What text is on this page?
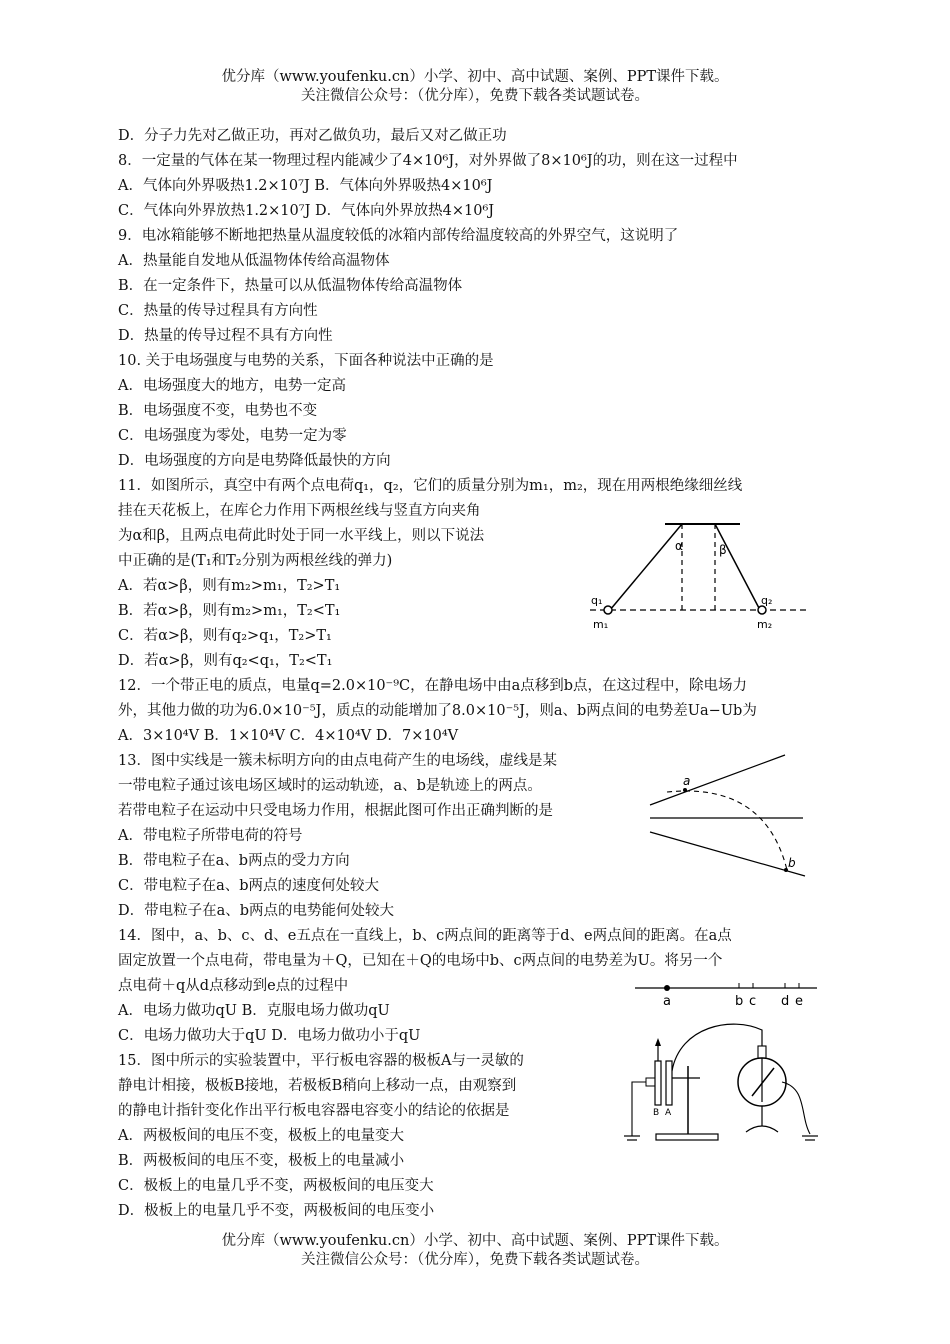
优分库（www.youfenku.cn）小学、初中、高中试题、案例、PPT课件下载。
关注微信公众号：（优分库），免费下载各类试题试卷。
D．分子力先对乙做正功，再对乙做负功，最后又对乙做正功
8．一定量的气体在某一物理过程内能减少了4×10⁶J，对外界做了8×10⁶J的功，则在这一过程中
A．气体向外界吸热1.2×10⁷J B．气体向外界吸热4×10⁶J
C．气体向外界放热1.2×10⁷J D．气体向外界放热4×10⁶J
9．电冰箱能够不断地把热量从温度较低的冰箱内部传给温度较高的外界空气，这说明了
A．热量能自发地从低温物体传给高温物体
B．在一定条件下，热量可以从低温物体传给高温物体
C．热量的传导过程具有方向性
D．热量的传导过程不具有方向性
10. 关于电场强度与电势的关系，下面各种说法中正确的是
A．电场强度大的地方，电势一定高
B．电场强度不变，电势也不变
C．电场强度为零处，电势一定为零
D．电场强度的方向是电势降低最快的方向
11．如图所示，真空中有两个点电荷q₁，q₂，它们的质量分别为m₁，m₂，现在用两根绝缘细丝线
挂在天花板上，在库仑力作用下两根丝线与竖直方向夹角
为α和β，且两点电荷此时处于同一水平线上，则以下说法
中正确的是(T₁和T₂分别为两根丝线的弹力)
A．若α>β，则有m₂>m₁，T₂>T₁
B．若α>β，则有m₂>m₁，T₂<T₁
C．若α>β，则有q₂>q₁，T₂>T₁
D．若α>β，则有q₂<q₁，T₂<T₁
12．一个带正电的质点，电量q=2.0×10⁻⁹C，在静电场中由a点移到b点，在这过程中，除电场力
外，其他力做的功为6.0×10⁻⁵J，质点的动能增加了8.0×10⁻⁵J，则a、b两点间的电势差Ua−Ub为
A．3×10⁴V B．1×10⁴V C．4×10⁴V D．7×10⁴V
13．图中实线是一簇未标明方向的由点电荷产生的电场线，虚线是某
一带电粒子通过该电场区域时的运动轨迹，a、b是轨迹上的两点。
若带电粒子在运动中只受电场力作用，根据此图可作出正确判断的是
A．带电粒子所带电荷的符号
B．带电粒子在a、b两点的受力方向
C．带电粒子在a、b两点的速度何处较大
D．带电粒子在a、b两点的电势能何处较大
14．图中，a、b、c、d、e五点在一直线上，b、c两点间的距离等于d、e两点间的距离。在a点
固定放置一个点电荷，带电量为＋Q，已知在＋Q的电场中b、c两点间的电势差为U。将另一个
点电荷＋q从d点移动到e点的过程中
A．电场力做功qU B．克服电场力做功qU
C．电场力做功大于qU D．电场力做功小于qU
15．图中所示的实验装置中，平行板电容器的极板A与一灵敏的
静电计相接，极板B接地，若极板B稍向上移动一点，由观察到
的静电计指针变化作出平行板电容器电容变小的结论的依据是
A．两极板间的电压不变，极板上的电量变大
B．两极板间的电压不变，极板上的电量减小
C．极板上的电量几乎不变，两极板间的电压变大
D．极板上的电量几乎不变，两极板间的电压变小
α	β
q₁
m₁
q₂
m₂
a
b
a	b c d e
B A
优分库（www.youfenku.cn）小学、初中、高中试题、案例、PPT课件下载。
关注微信公众号：（优分库），免费下载各类试题试卷。
